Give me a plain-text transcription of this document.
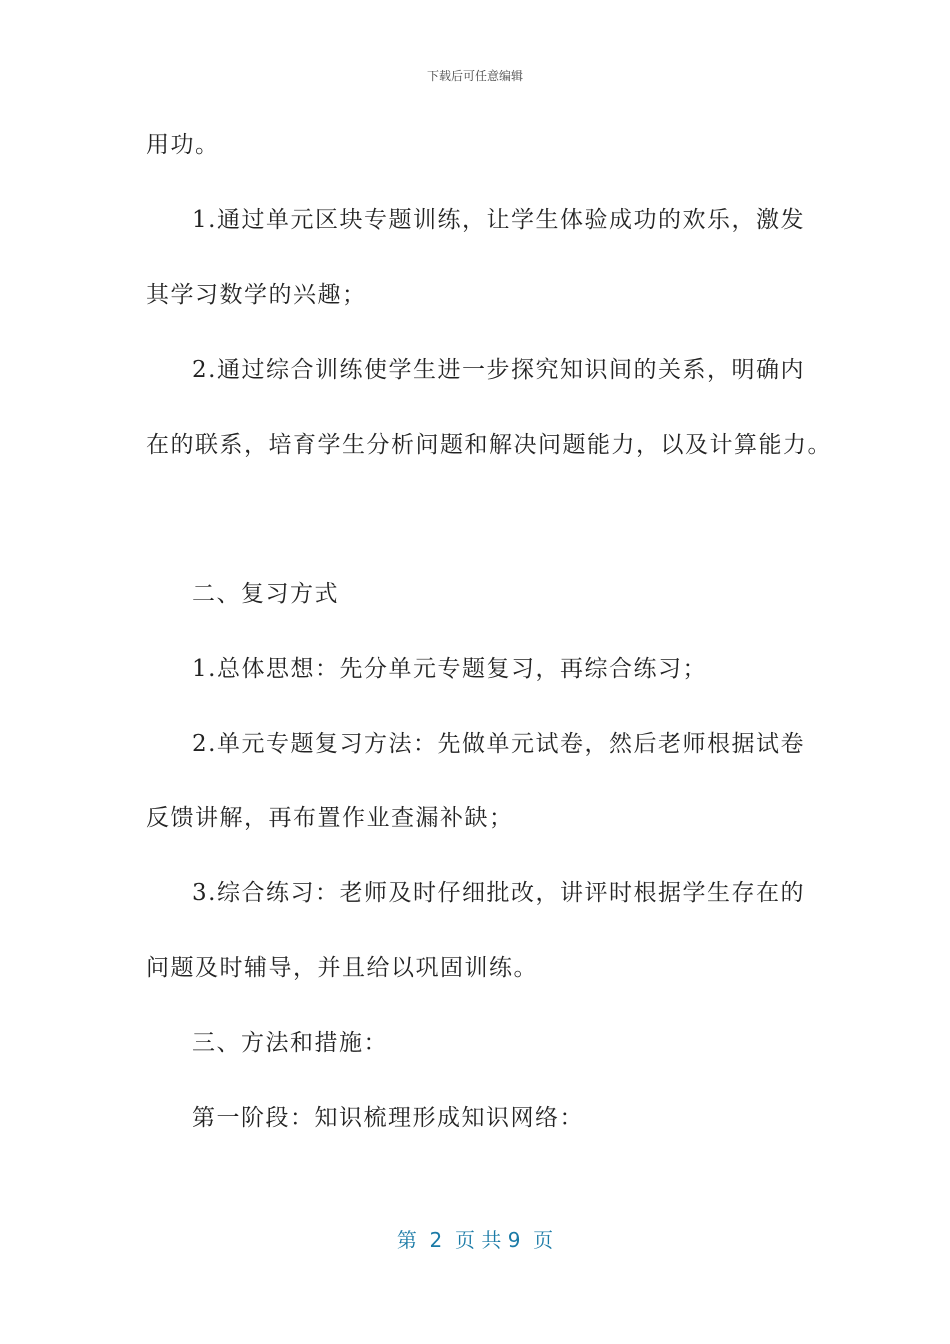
下载后可任意编辑
用功。
1.通过单元区块专题训练，让学生体验成功的欢乐，激发
其学习数学的兴趣；
2.通过综合训练使学生进一步探究知识间的关系，明确内
在的联系，培育学生分析问题和解决问题能力，以及计算能力。
二、复习方式
1.总体思想：先分单元专题复习，再综合练习；
2.单元专题复习方法：先做单元试卷，然后老师根据试卷
反馈讲解，再布置作业查漏补缺；
3.综合练习：老师及时仔细批改，讲评时根据学生存在的
问题及时辅导，并且给以巩固训练。
三、方法和措施：
第一阶段：知识梳理形成知识网络：
第  2  页 共 9  页
